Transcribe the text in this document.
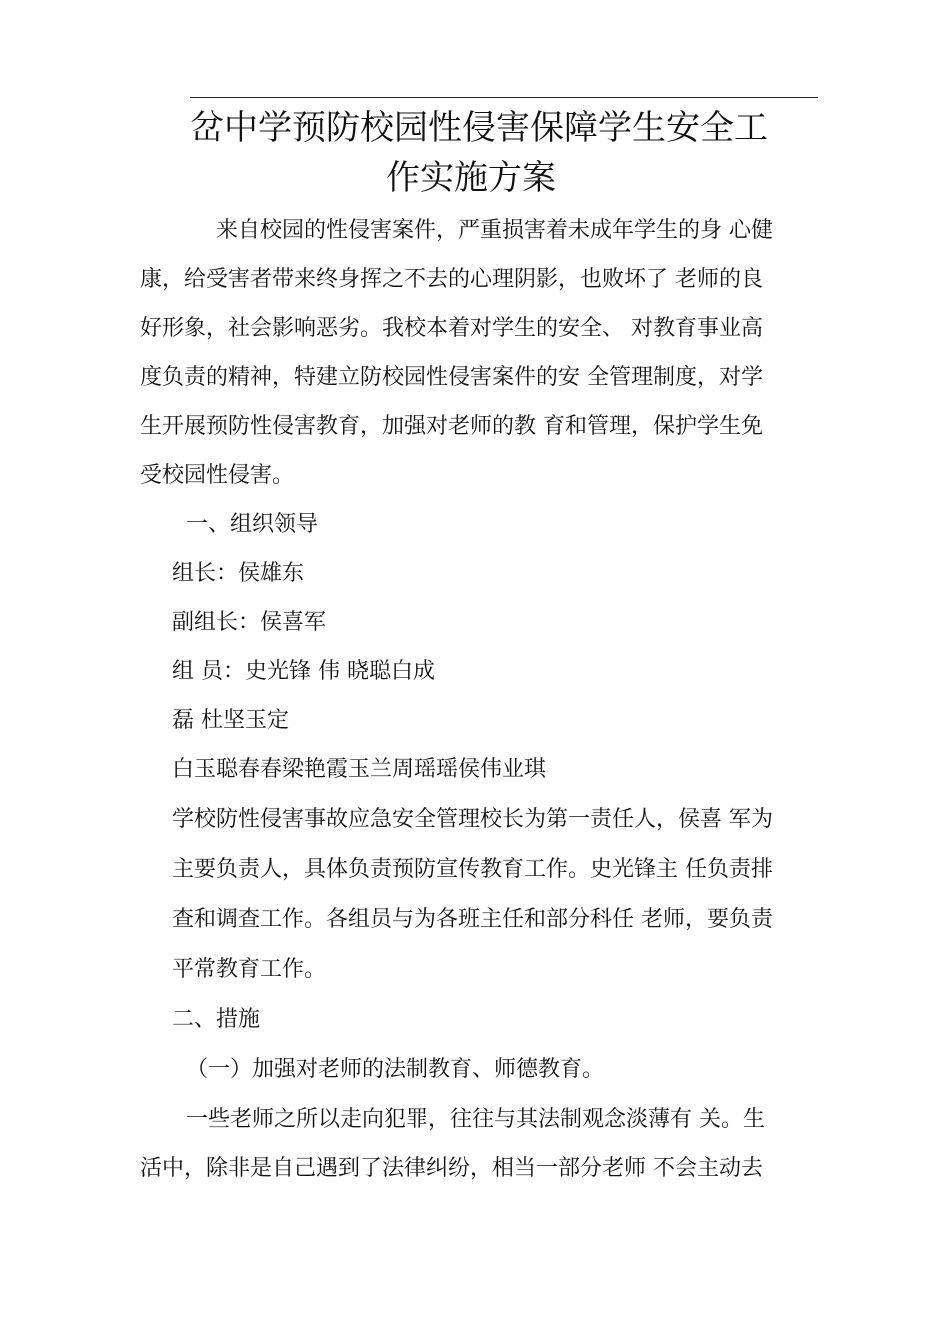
岔中学预防校园性侵害保障学生安全工
作实施方案

来自校园的性侵害案件，严重损害着未成年学生的身 心健

康，给受害者带来终身挥之不去的心理阴影，也败坏了 老师的良

好形象，社会影响恶劣。我校本着对学生的安全、 对教育事业高

度负责的精神，特建立防校园性侵害案件的安 全管理制度，对学

生开展预防性侵害教育，加强对老师的教 育和管理，保护学生免

受校园性侵害。

一、组织领导

组长：侯雄东

副组长：侯喜军

组 员：史光锋 伟 晓聪白成

磊 杜坚玉定

白玉聪春春梁艳霞玉兰周瑶瑶侯伟业琪

学校防性侵害事故应急安全管理校长为第一责任人，侯喜 军为

主要负责人，具体负责预防宣传教育工作。史光锋主 任负责排

查和调查工作。各组员与为各班主任和部分科任 老师，要负责

平常教育工作。

二、措施

（一）加强对老师的法制教育、师德教育。

一些老师之所以走向犯罪，往往与其法制观念淡薄有 关。生

活中，除非是自己遇到了法律纠纷，相当一部分老师 不会主动去
